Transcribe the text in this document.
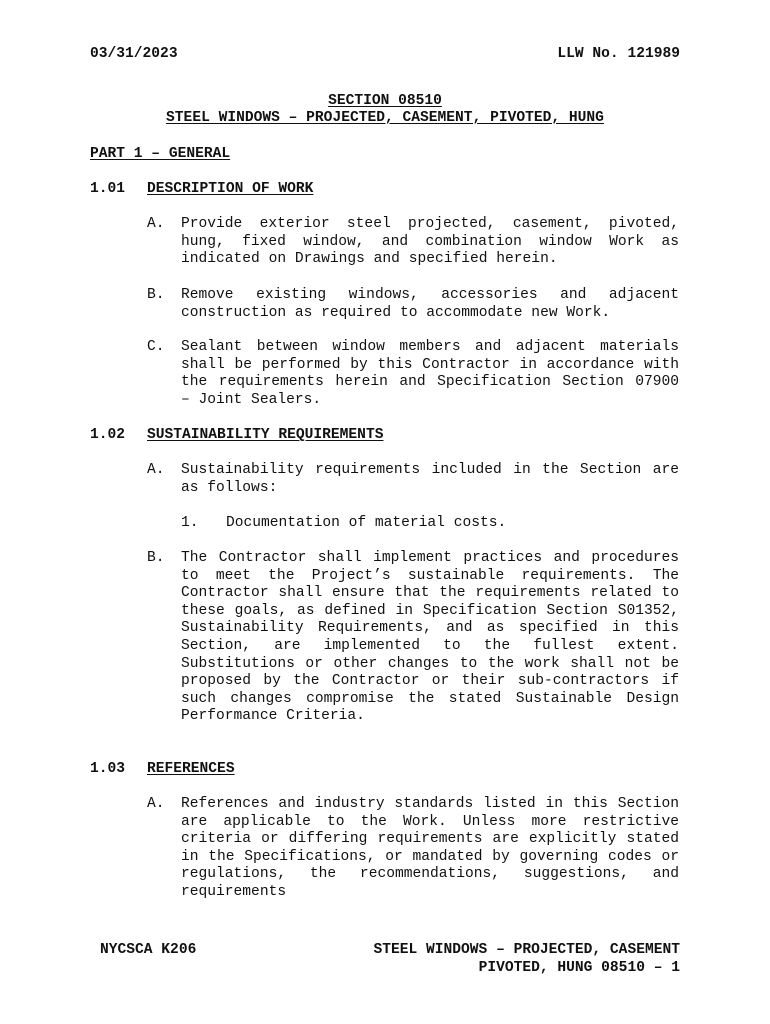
03/31/2023	LLW No. 121989
SECTION 08510
STEEL WINDOWS – PROJECTED, CASEMENT, PIVOTED, HUNG
PART 1 – GENERAL
1.01 DESCRIPTION OF WORK
A. Provide exterior steel projected, casement, pivoted, hung, fixed window, and combination window Work as indicated on Drawings and specified herein.
B. Remove existing windows, accessories and adjacent construction as required to accommodate new Work.
C. Sealant between window members and adjacent materials shall be performed by this Contractor in accordance with the requirements herein and Specification Section 07900 – Joint Sealers.
1.02 SUSTAINABILITY REQUIREMENTS
A. Sustainability requirements included in the Section are as follows:
1. Documentation of material costs.
B. The Contractor shall implement practices and procedures to meet the Project’s sustainable requirements. The Contractor shall ensure that the requirements related to these goals, as defined in Specification Section S01352, Sustainability Requirements, and as specified in this Section, are implemented to the fullest extent. Substitutions or other changes to the work shall not be proposed by the Contractor or their sub-contractors if such changes compromise the stated Sustainable Design Performance Criteria.
1.03 REFERENCES
A. References and industry standards listed in this Section are applicable to the Work. Unless more restrictive criteria or differing requirements are explicitly stated in the Specifications, or mandated by governing codes or regulations, the recommendations, suggestions, and requirements
NYCSCA K206	STEEL WINDOWS – PROJECTED, CASEMENT
PIVOTED, HUNG 08510 – 1
